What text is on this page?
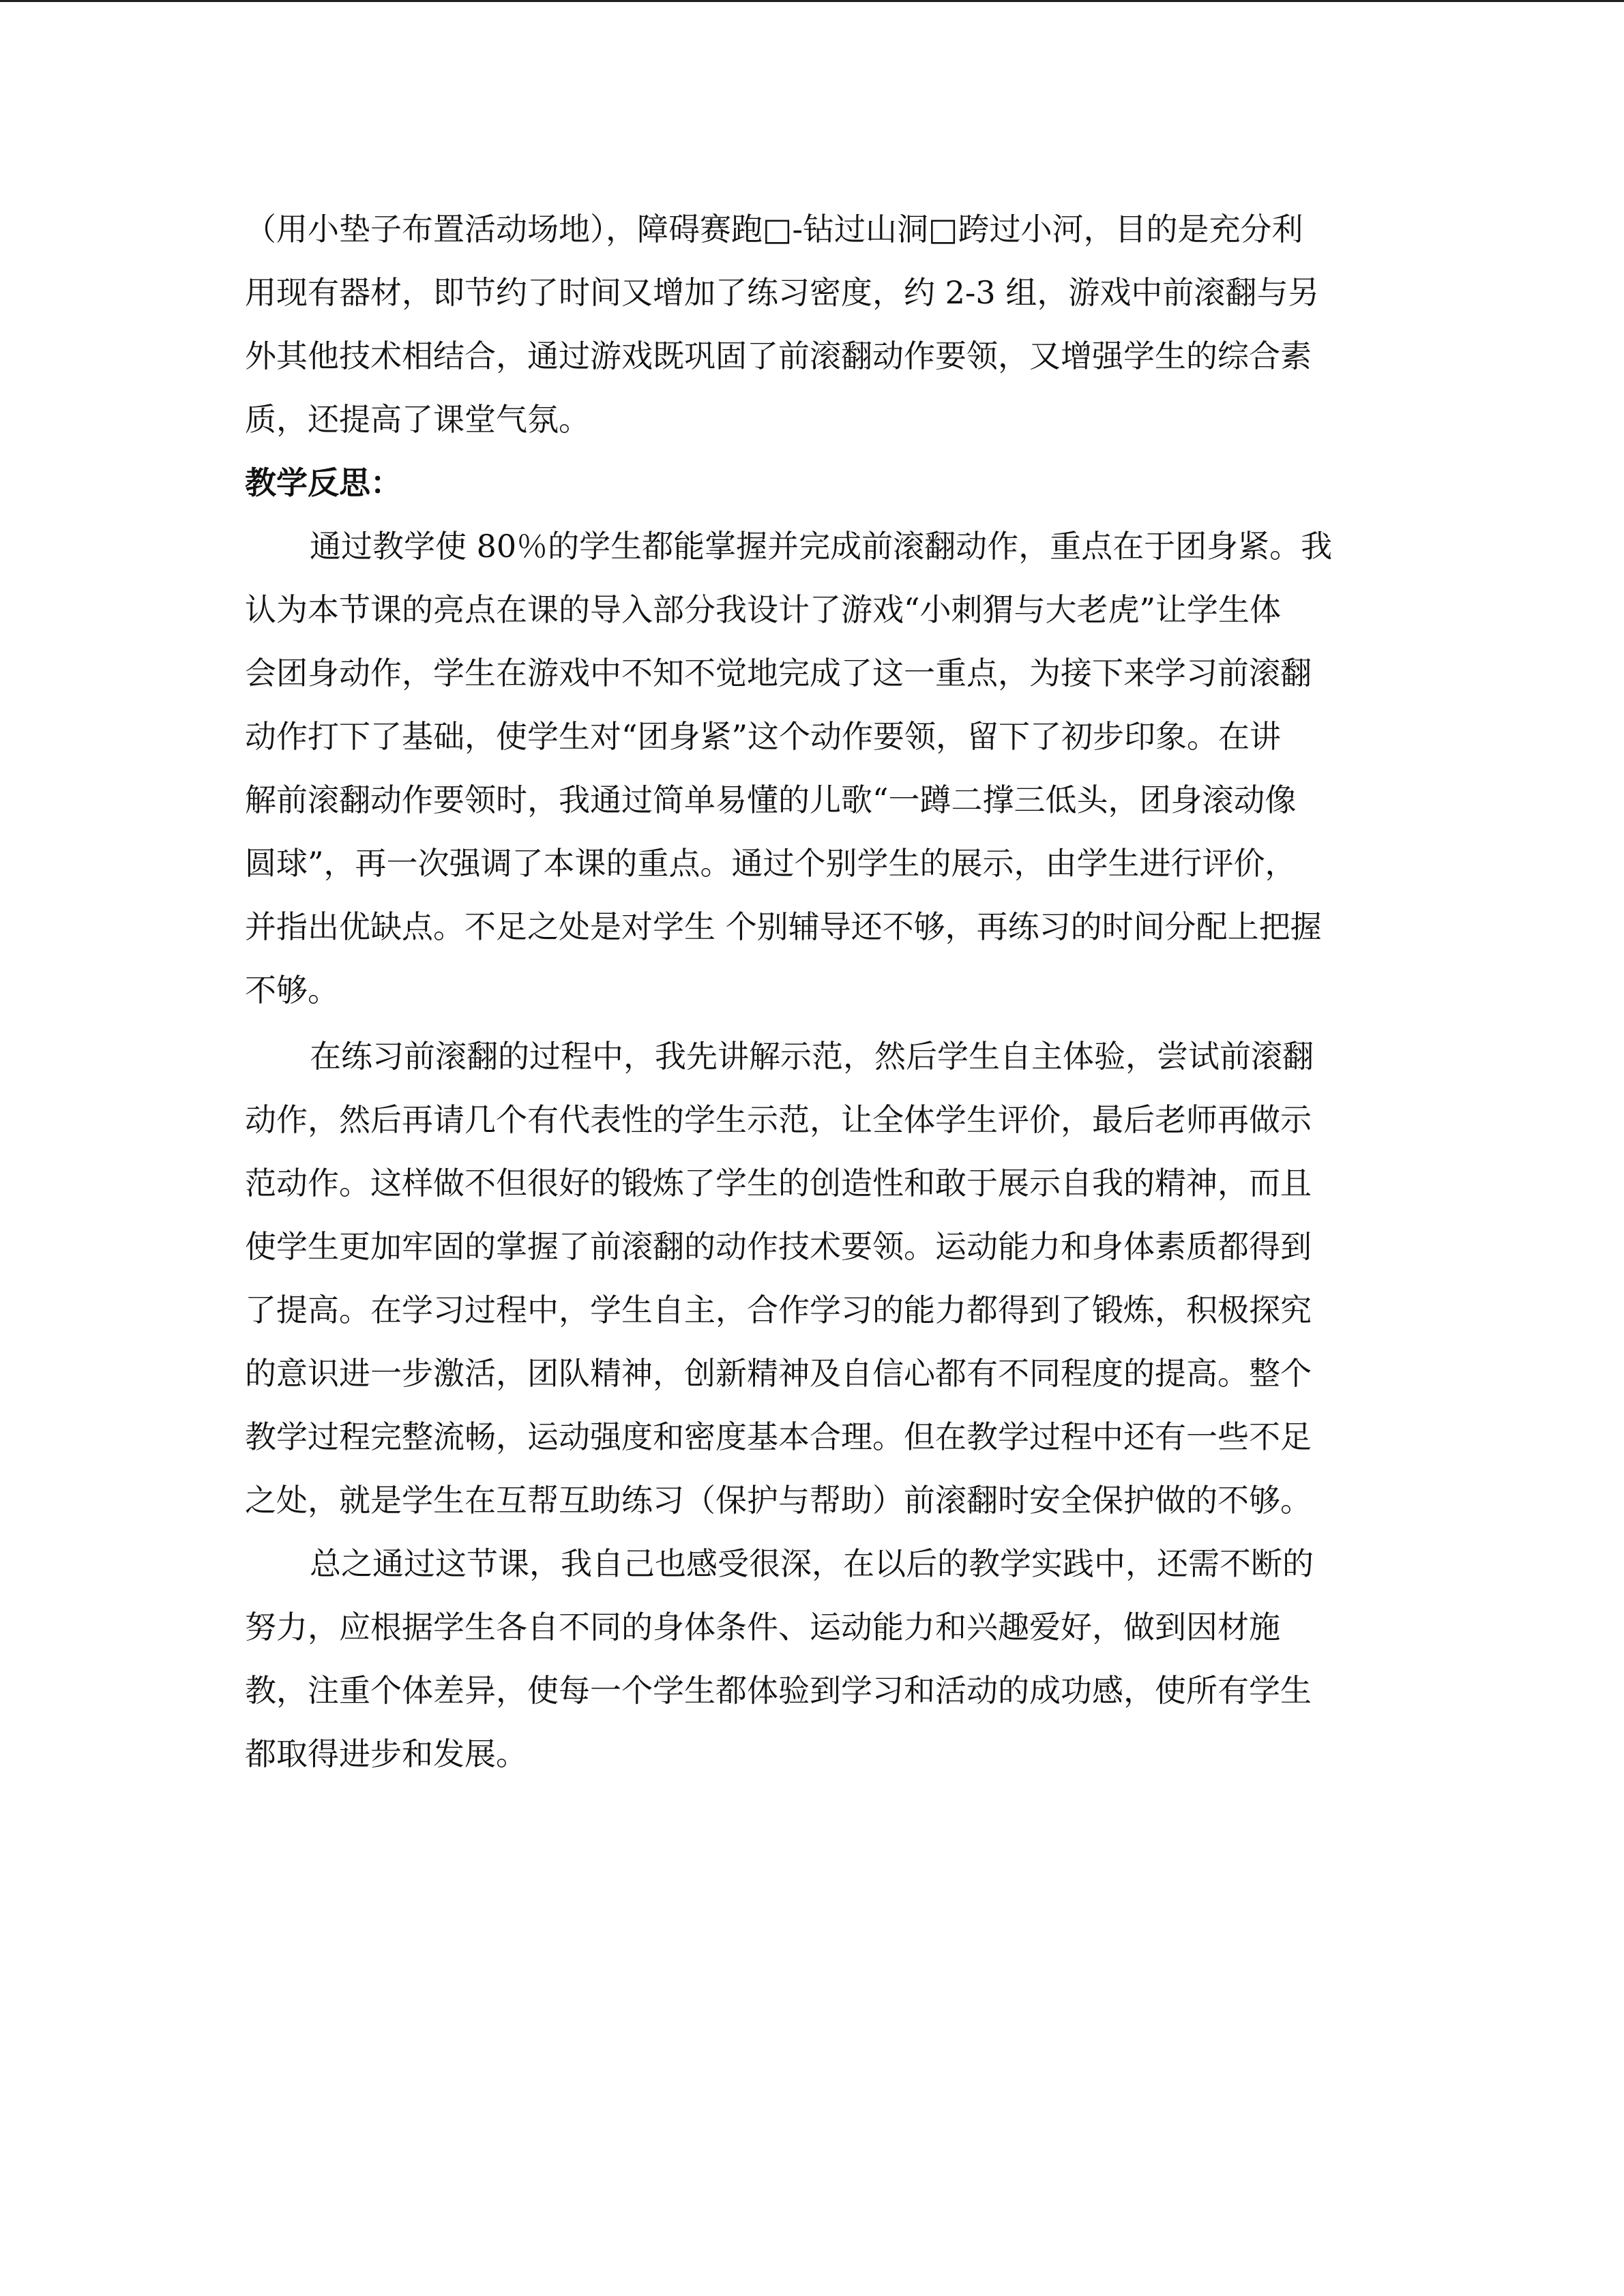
（用小垫子布置活动场地），障碍赛跑□-钻过山洞□跨过小河，目的是充分利
用现有器材，即节约了时间又增加了练习密度，约 2-3 组，游戏中前滚翻与另
外其他技术相结合，通过游戏既巩固了前滚翻动作要领，又增强学生的综合素
质，还提高了课堂气氛。
教学反思：
通过教学使 80％的学生都能掌握并完成前滚翻动作，重点在于团身紧。我
认为本节课的亮点在课的导入部分我设计了游戏“小刺猬与大老虎”让学生体
会团身动作，学生在游戏中不知不觉地完成了这一重点，为接下来学习前滚翻
动作打下了基础，使学生对“团身紧”这个动作要领，留下了初步印象。在讲
解前滚翻动作要领时，我通过简单易懂的儿歌“一蹲二撑三低头，团身滚动像
圆球”，再一次强调了本课的重点。通过个别学生的展示，由学生进行评价，
并指出优缺点。不足之处是对学生 个别辅导还不够，再练习的时间分配上把握
不够。
在练习前滚翻的过程中，我先讲解示范，然后学生自主体验，尝试前滚翻
动作，然后再请几个有代表性的学生示范，让全体学生评价，最后老师再做示
范动作。这样做不但很好的锻炼了学生的创造性和敢于展示自我的精神，而且
使学生更加牢固的掌握了前滚翻的动作技术要领。运动能力和身体素质都得到
了提高。在学习过程中，学生自主，合作学习的能力都得到了锻炼，积极探究
的意识进一步激活，团队精神，创新精神及自信心都有不同程度的提高。整个
教学过程完整流畅，运动强度和密度基本合理。但在教学过程中还有一些不足
之处，就是学生在互帮互助练习（保护与帮助）前滚翻时安全保护做的不够。
总之通过这节课，我自己也感受很深，在以后的教学实践中，还需不断的
努力，应根据学生各自不同的身体条件、运动能力和兴趣爱好，做到因材施
教，注重个体差异，使每一个学生都体验到学习和活动的成功感，使所有学生
都取得进步和发展。
